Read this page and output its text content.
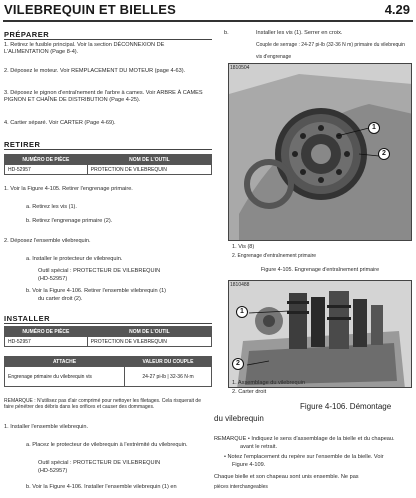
VILEBREQUIN ET BIELLES	4.29
PRÉPARER
1. Retirez le fusible principal. Voir la section DÉCONNEXION DE L'ALIMENTATION (Page 8-4).
2. Déposez le moteur. Voir REMPLACEMENT DU MOTEUR (page 4-63).
3. Déposez le pignon d'entraînement de l'arbre à cames. Voir ARBRE À CAMES PIGNON ET CHAÎNE DE DISTRIBUTION (Page 4-25).
4. Cartier séparé. Voir CARTER (Page 4-69).
RETIRER
NUMÉRO DE PIÈCE	NOM DE L'OUTIL
HD-52957	PROTECTION DE VILEBREQUIN
1. Voir la Figure 4-105. Retirer l'engrenage primaire.
a. Retirez les vis (1).
b. Retirez l'engrenage primaire (2).
2. Déposez l'ensemble vilebrequin.
a. Installer le protecteur de vilebrequin.
Outil spécial : PROTECTEUR DE VILEBREQUIN
(HD-52957)
b. Voir la Figure 4-106. Retirer l'ensemble vilebrequin (1)
du carter droit (2).
INSTALLER
NUMÉRO DE PIÈCE	NOM DE L'OUTIL
HD-52957	PROTECTION DE VILEBREQUIN
ATTACHE	VALEUR DU COUPLE
Engrenage primaire du vilebrequin vis	24-27 pi-lb | 32-36 N·m
REMARQUE : N'utilisez pas d'air comprimé pour nettoyer les filetages. Cela risquerait de faire pénétrer des débris dans les orifices et causer des dommages.
1. Installer l'ensemble vilebrequin.
a. Placez le protecteur de vilebrequin à l'extrémité du vilebrequin.
Outil spécial : PROTECTEUR DE VILEBREQUIN
(HD-52957)
b. Voir la Figure 4-106. Installer l'ensemble vilebrequin (1) en
b.	Installer les vis (1). Serrer en croix.
Couple de serrage : 24-27 pi-lb (32-36 N m) primaire du vilebrequin
vis d'engrenage
1810504
1
2
1. Vis (8)
2. Engrenage d'entraînement primaire
Figure 4-105. Engrenage d'entraînement primaire
1810488
1
2
1. Assemblage du vilebrequin
2. Carter droit
Figure 4-106. Démontage
du vilebrequin
REMARQUE • Indiquez le sens d'assemblage de la bielle et du chapeau.
avant le retrait.
• Notez l'emplacement du repère sur l'ensemble de la bielle. Voir
Figure 4-109.
Chaque bielle et son chapeau sont unis ensemble. Ne pas
pièces interchangeables
